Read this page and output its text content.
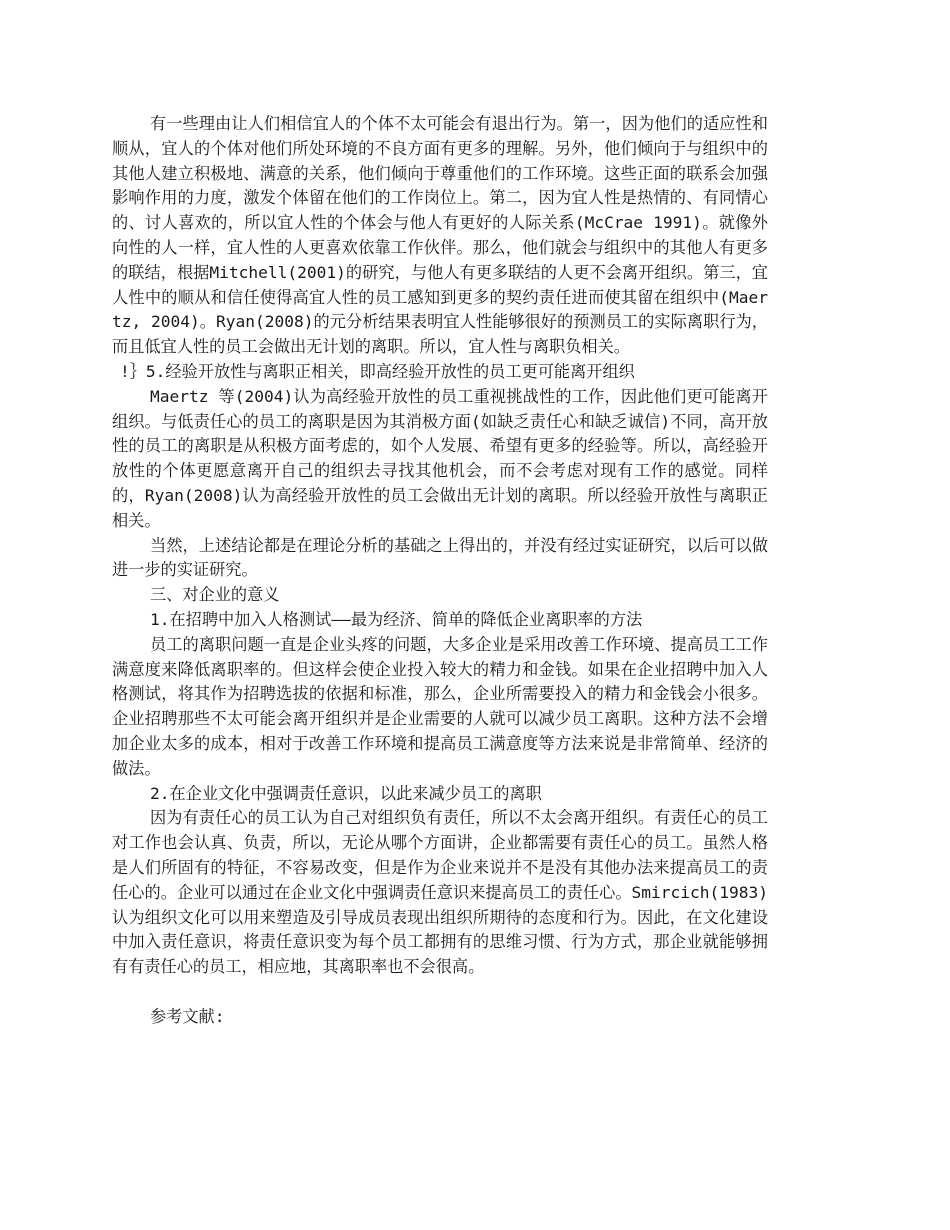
有一些理由让人们相信宜人的个体不太可能会有退出行为。第一，因为他们的适应性和顺从，宜人的个体对他们所处环境的不良方面有更多的理解。另外，他们倾向于与组织中的其他人建立积极地、满意的关系，他们倾向于尊重他们的工作环境。这些正面的联系会加强影响作用的力度，激发个体留在他们的工作岗位上。第二，因为宜人性是热情的、有同情心的、讨人喜欢的，所以宜人性的个体会与他人有更好的人际关系(McCrae 1991)。就像外向性的人一样，宜人性的人更喜欢依靠工作伙伴。那么，他们就会与组织中的其他人有更多的联结，根据Mitchell(2001)的研究，与他人有更多联结的人更不会离开组织。第三，宜人性中的顺从和信任使得高宜人性的员工感知到更多的契约责任进而使其留在组织中(Maertz, 2004)。Ryan(2008)的元分析结果表明宜人性能够很好的预测员工的实际离职行为，而且低宜人性的员工会做出无计划的离职。所以，宜人性与离职负相关。

!｝5.经验开放性与离职正相关，即高经验开放性的员工更可能离开组织

Maertz 等(2004)认为高经验开放性的员工重视挑战性的工作，因此他们更可能离开组织。与低责任心的员工的离职是因为其消极方面(如缺乏责任心和缺乏诚信)不同，高开放性的员工的离职是从积极方面考虑的，如个人发展、希望有更多的经验等。所以，高经验开放性的个体更愿意离开自己的组织去寻找其他机会，而不会考虑对现有工作的感觉。同样的，Ryan(2008)认为高经验开放性的员工会做出无计划的离职。所以经验开放性与离职正相关。

当然，上述结论都是在理论分析的基础之上得出的，并没有经过实证研究，以后可以做进一步的实证研究。

三、对企业的意义

1.在招聘中加入人格测试——最为经济、简单的降低企业离职率的方法

员工的离职问题一直是企业头疼的问题，大多企业是采用改善工作环境、提高员工工作满意度来降低离职率的。但这样会使企业投入较大的精力和金钱。如果在企业招聘中加入人格测试，将其作为招聘选拔的依据和标准，那么，企业所需要投入的精力和金钱会小很多。企业招聘那些不太可能会离开组织并是企业需要的人就可以减少员工离职。这种方法不会增加企业太多的成本，相对于改善工作环境和提高员工满意度等方法来说是非常简单、经济的做法。

2.在企业文化中强调责任意识，以此来减少员工的离职

因为有责任心的员工认为自己对组织负有责任，所以不太会离开组织。有责任心的员工对工作也会认真、负责，所以，无论从哪个方面讲，企业都需要有责任心的员工。虽然人格是人们所固有的特征，不容易改变，但是作为企业来说并不是没有其他办法来提高员工的责任心的。企业可以通过在企业文化中强调责任意识来提高员工的责任心。Smircich(1983)认为组织文化可以用来塑造及引导成员表现出组织所期待的态度和行为。因此，在文化建设中加入责任意识，将责任意识变为每个员工都拥有的思维习惯、行为方式，那企业就能够拥有有责任心的员工，相应地，其离职率也不会很高。

参考文献:
